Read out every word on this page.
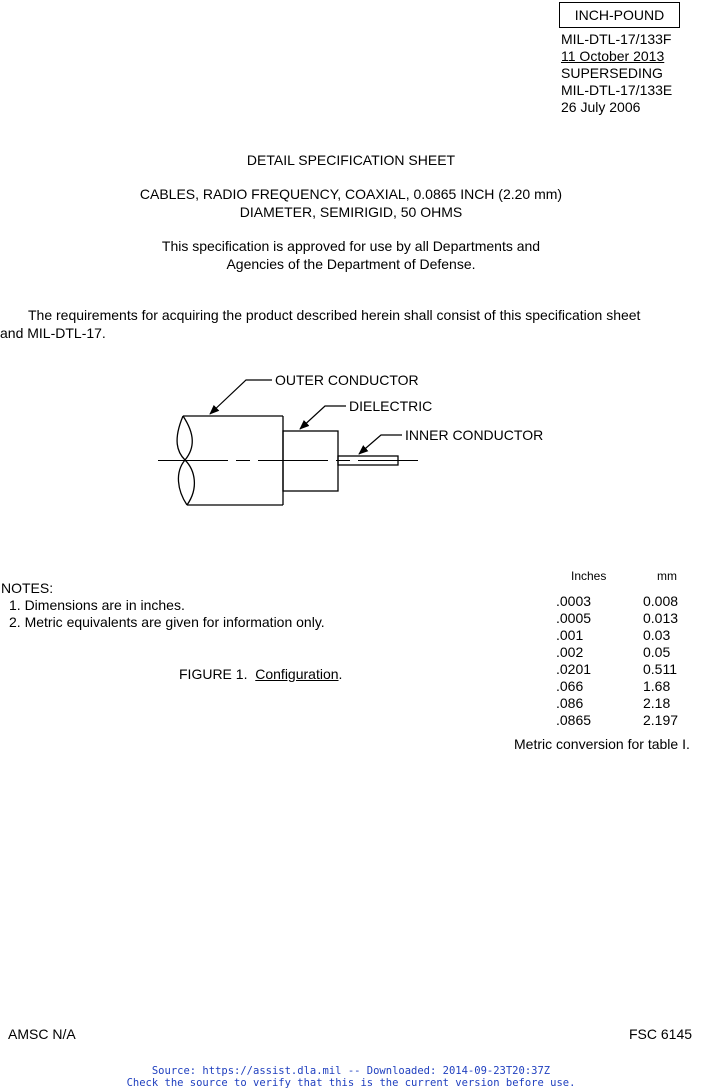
INCH-POUND
MIL-DTL-17/133F
11 October 2013
SUPERSEDING
MIL-DTL-17/133E
26 July 2006
DETAIL SPECIFICATION SHEET
CABLES, RADIO FREQUENCY, COAXIAL, 0.0865 INCH (2.20 mm)
DIAMETER, SEMIRIGID, 50 OHMS
This specification is approved for use by all Departments and
Agencies of the Department of Defense.
The requirements for acquiring the product described herein shall consist of this specification sheet
and MIL-DTL-17.
OUTER CONDUCTOR
DIELECTRIC
INNER CONDUCTOR
NOTES:
1. Dimensions are in inches.
2. Metric equivalents are given for information only.
FIGURE 1. Configuration.
Inches	mm
.0003	0.008
.0005	0.013
.001	0.03
.002	0.05
.0201	0.511
.066	1.68
.086	2.18
.0865	2.197
Metric conversion for table I.
AMSC N/A	FSC 6145
Source: https://assist.dla.mil -- Downloaded: 2014-09-23T20:37Z
Check the source to verify that this is the current version before use.
